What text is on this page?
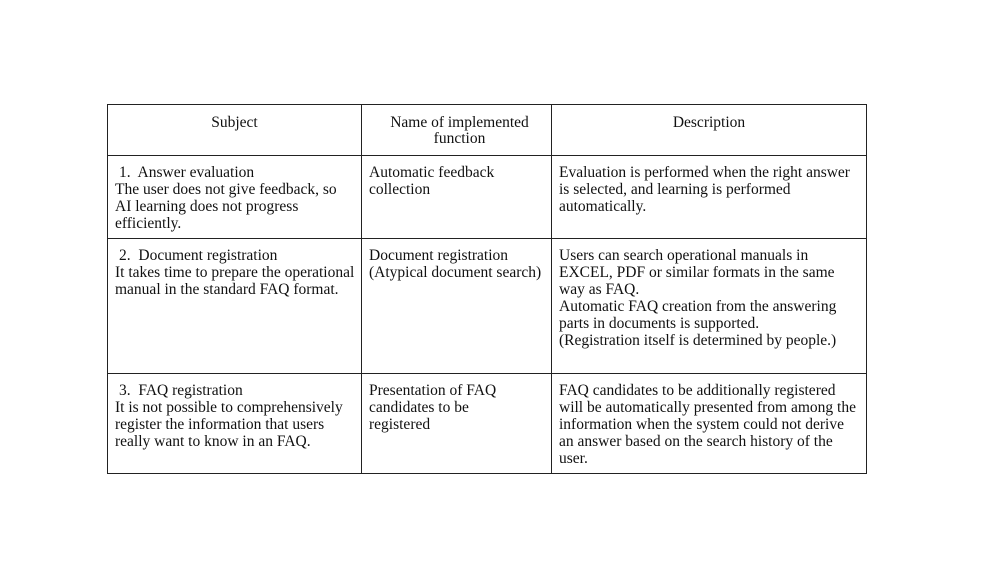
Subject	Name of implemented function	Description

1. Answer evaluation
The user does not give feedback, so AI learning does not progress efficiently.	Automatic feedback collection	Evaluation is performed when the right answer is selected, and learning is performed automatically.

2. Document registration
It takes time to prepare the operational manual in the standard FAQ format.	Document registration (Atypical document search)	Users can search operational manuals in EXCEL, PDF or similar formats in the same way as FAQ.
Automatic FAQ creation from the answering parts in documents is supported.
(Registration itself is determined by people.)

3. FAQ registration
It is not possible to comprehensively register the information that users really want to know in an FAQ.	Presentation of FAQ candidates to be registered	FAQ candidates to be additionally registered will be automatically presented from among the information when the system could not derive an answer based on the search history of the user.
